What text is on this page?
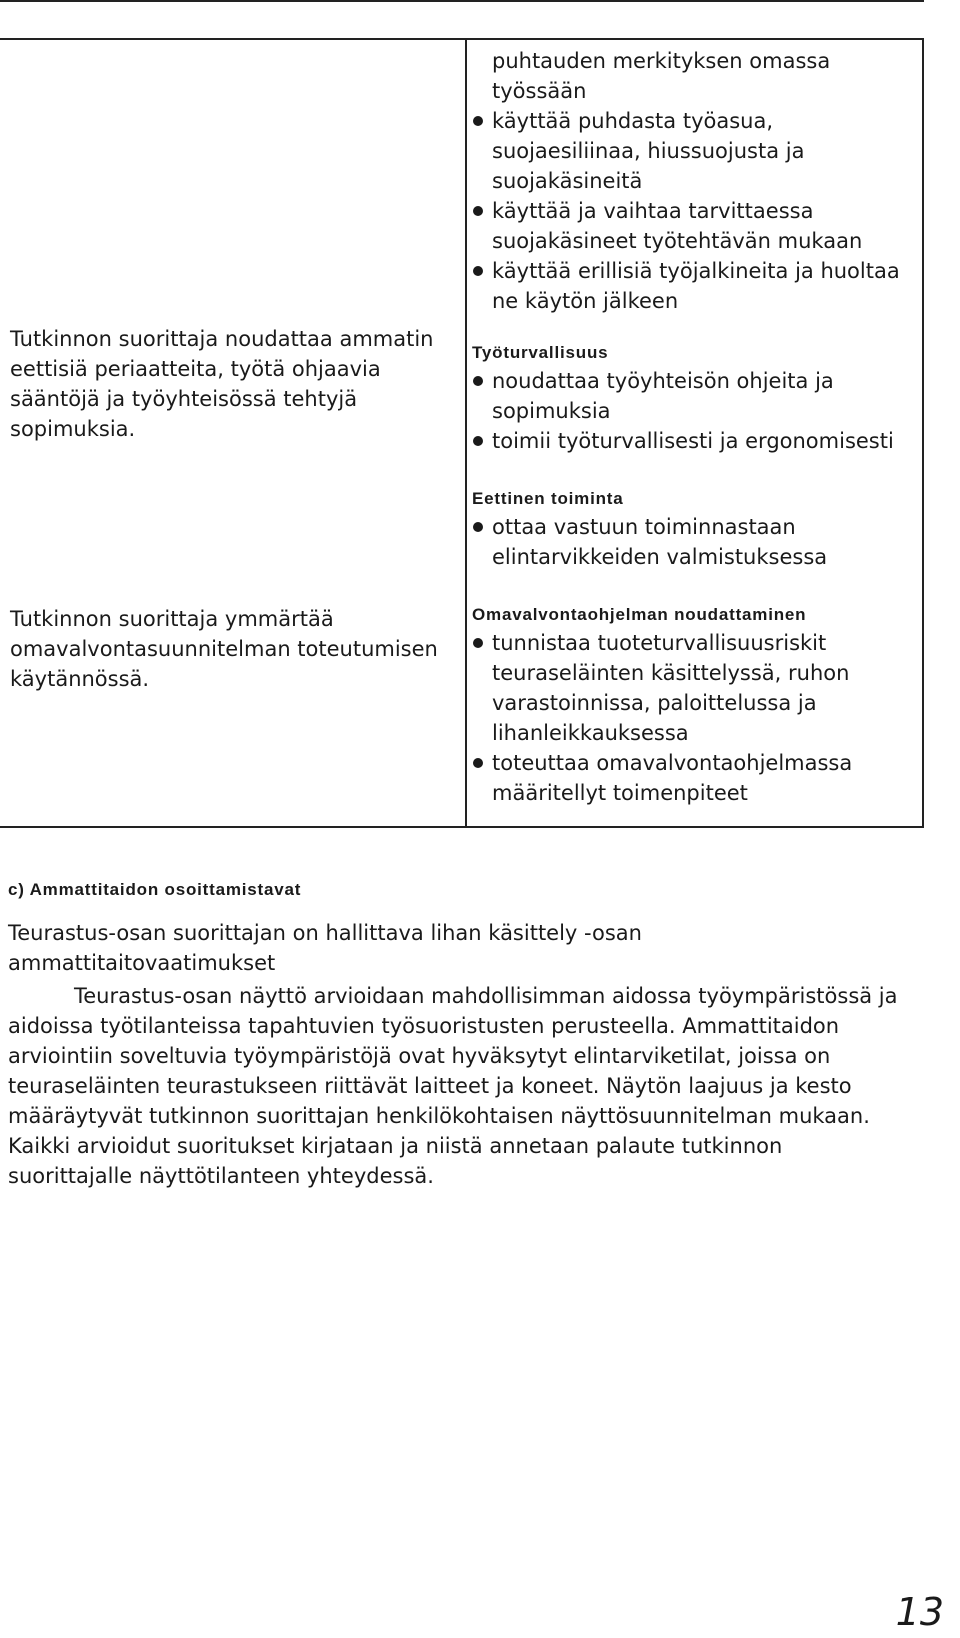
Tutkinnon suorittaja noudattaa ammatin eettisiä periaatteita, työtä ohjaavia sääntöjä ja työyhteisössä tehtyjä sopimuksia.

Tutkinnon suorittaja ymmärtää omavalvontasuunnitelman toteutumisen käytännössä.

puhtauden merkityksen omassa
työssään
käyttää puhdasta työasua, suojaesiliinaa, hiussuojusta ja suojakäsineitä
käyttää ja vaihtaa tarvittaessa suojakäsineet työtehtävän mukaan
käyttää erillisiä työjalkineita ja huoltaa ne käytön jälkeen
Työturvallisuus
noudattaa työyhteisön ohjeita ja sopimuksia
toimii työturvallisesti ja ergonomisesti
Eettinen toiminta
ottaa vastuun toiminnastaan elintarvikkeiden valmistuksessa
Omavalvontaohjelman noudattaminen
tunnistaa tuoteturvallisuusriskit teuraseläinten käsittelyssä, ruhon varastoinnissa, paloittelussa ja lihanleikkauksessa
toteuttaa omavalvontaohjelmassa määritellyt toimenpiteet
c) Ammattitaidon osoittamistavat

Teurastus-osan suorittajan on hallittava lihan käsittely -osan ammattitaitovaatimukset

Teurastus-osan näyttö arvioidaan mahdollisimman aidossa työympäristössä ja aidoissa työtilanteissa tapahtuvien työsuoristusten perusteella. Ammattitaidon arviointiin soveltuvia työympäristöjä ovat hyväksytyt elintarviketilat, joissa on teuraseläinten teurastukseen riittävät laitteet ja koneet. Näytön laajuus ja kesto määräytyvät tutkinnon suorittajan henkilökohtaisen näyttösuunnitelman mukaan. Kaikki arvioidut suoritukset kirjataan ja niistä annetaan palaute tutkinnon suorittajalle näyttötilanteen yhteydessä.

13
